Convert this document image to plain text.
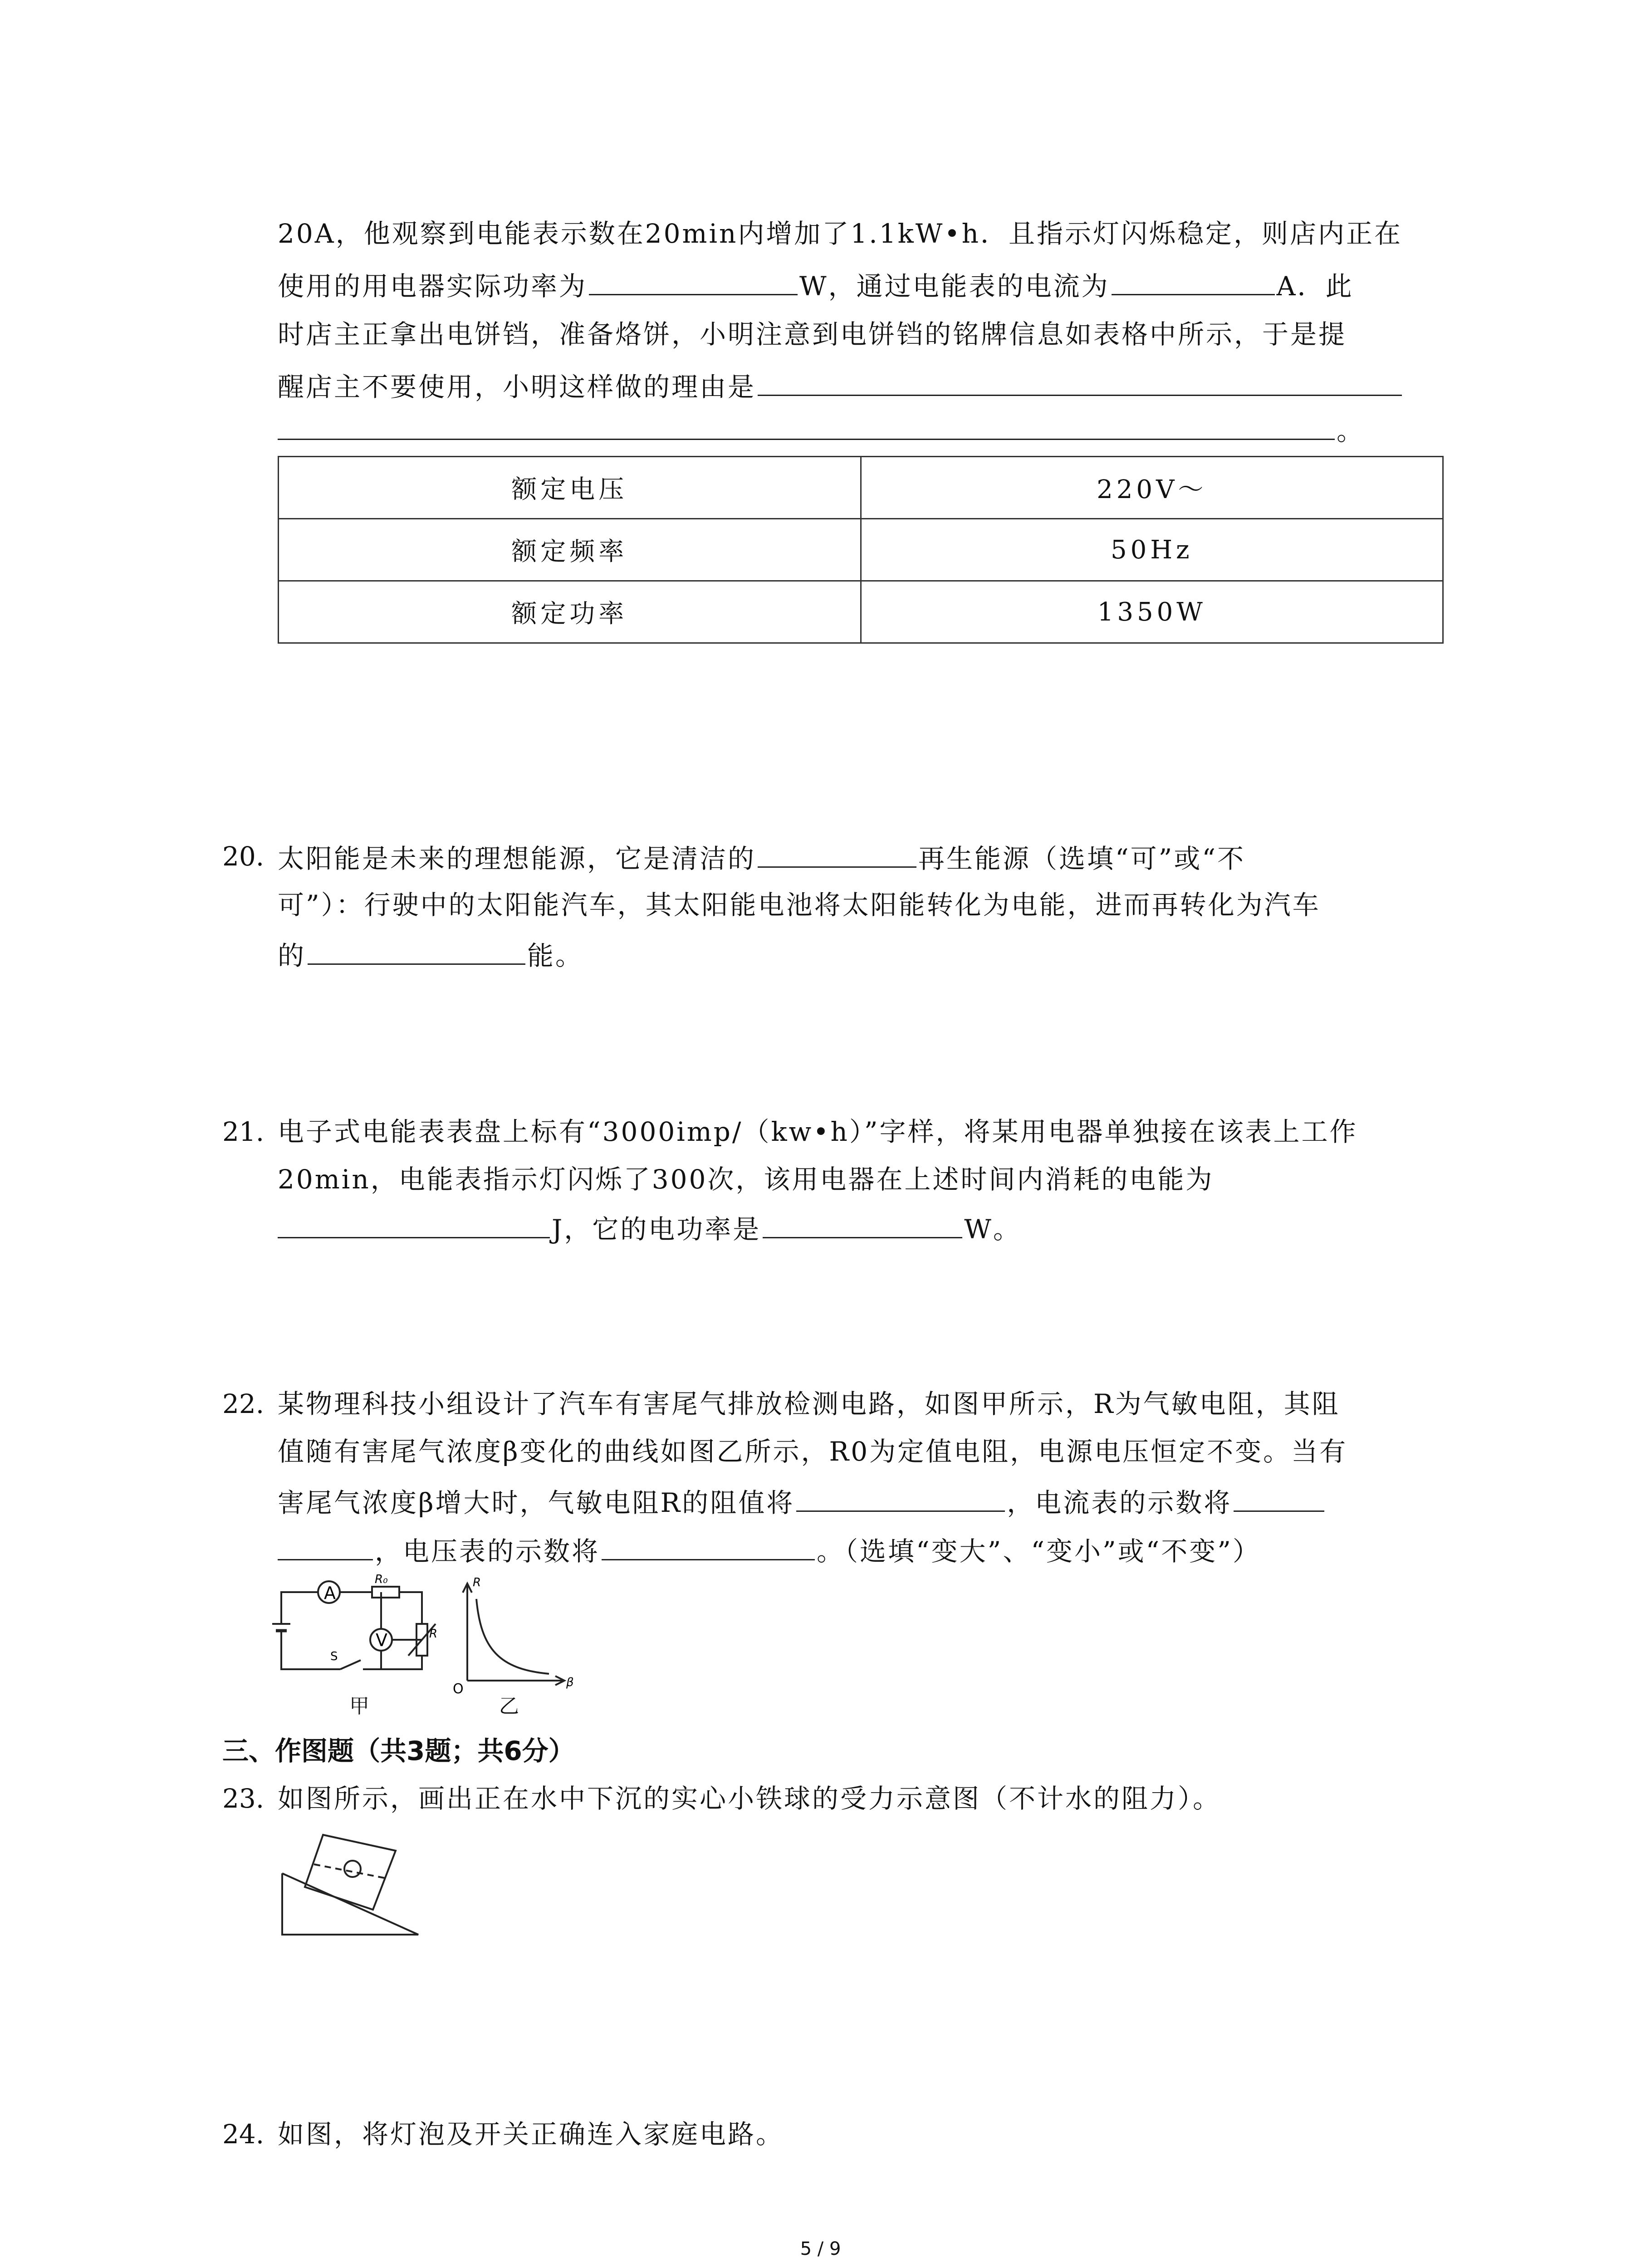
20A，他观察到电能表示数在20min内增加了1.1kW•h．且指示灯闪烁稳定，则店内正在
使用的用电器实际功率为	W，通过电能表的电流为	A．此
时店主正拿出电饼铛，准备烙饼，小明注意到电饼铛的铭牌信息如表格中所示，于是提
醒店主不要使用，小明这样做的理由是
。
额定电压	220V～
额定频率	50Hz
额定功率	1350W
20. 太阳能是未来的理想能源，它是清洁的	再生能源（选填“可”或“不
可”）：行驶中的太阳能汽车，其太阳能电池将太阳能转化为电能，进而再转化为汽车
的	能。
21. 电子式电能表表盘上标有“3000imp/（kw•h）”字样，将某用电器单独接在该表上工作
20min，电能表指示灯闪烁了300次，该用电器在上述时间内消耗的电能为
J，它的电功率是	W。
22. 某物理科技小组设计了汽车有害尾气排放检测电路，如图甲所示，R为气敏电阻，其阻
值随有害尾气浓度β变化的曲线如图乙所示，R0为定值电阻，电源电压恒定不变。当有
害尾气浓度β增大时，气敏电阻R的阻值将	，电流表的示数将
，电压表的示数将	。（选填“变大”、“变小”或“不变”）
A
V
R₀
R
S
甲
R
β
O
乙
三、作图题（共3题；共6分）
23. 如图所示，画出正在水中下沉的实心小铁球的受力示意图（不计水的阻力）。
24. 如图，将灯泡及开关正确连入家庭电路。
5 / 9
